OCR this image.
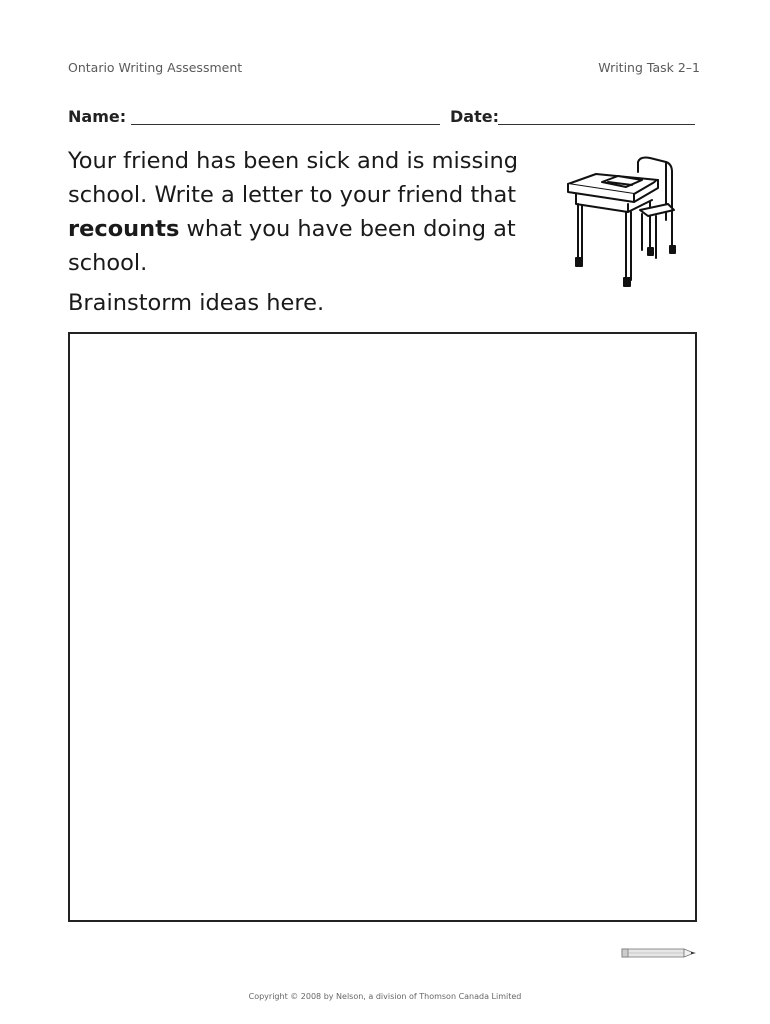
Ontario Writing Assessment	Writing Task 2–1
Name:	Date:

Your friend has been sick and is missing school. Write a letter to your friend that recounts what you have been doing at school.

Brainstorm ideas here.
Copyright © 2008 by Nelson, a division of Thomson Canada Limited
